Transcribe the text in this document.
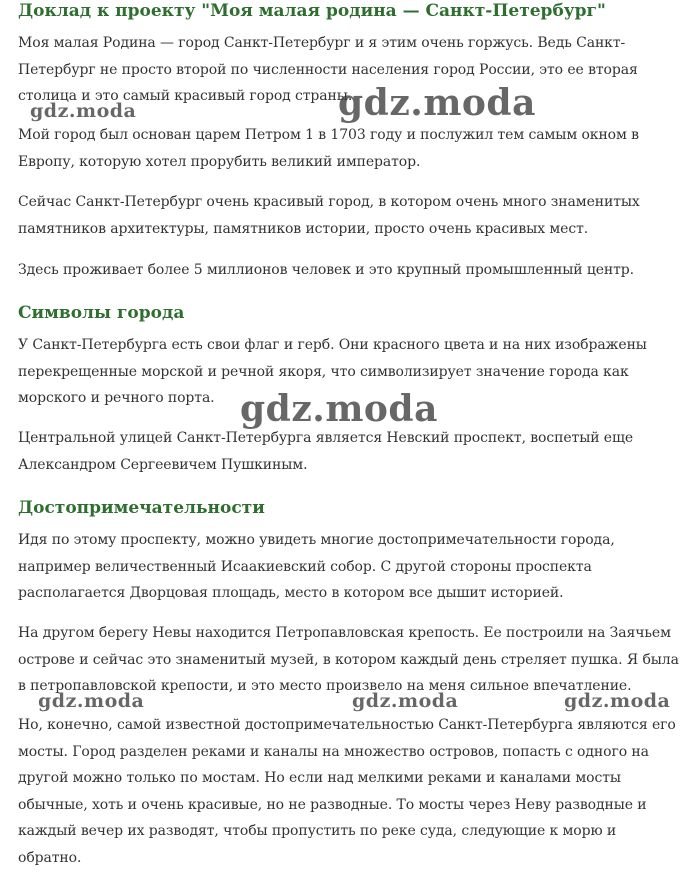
Доклад к проекту "Моя малая родина — Санкт-Петербург"

Моя малая Родина — город Санкт-Петербург и я этим очень горжусь. Ведь Санкт-Петербург не просто второй по численности населения город России, это ее вторая столица и это самый красивый город страны.

Мой город был основан царем Петром 1 в 1703 году и послужил тем самым окном в Европу, которую хотел прорубить великий император.

Сейчас Санкт-Петербург очень красивый город, в котором очень много знаменитых памятников архитектуры, памятников истории, просто очень красивых мест.

Здесь проживает более 5 миллионов человек и это крупный промышленный центр.

Символы города

У Санкт-Петербурга есть свои флаг и герб. Они красного цвета и на них изображены перекрещенные морской и речной якоря, что символизирует значение города как морского и речного порта.

Центральной улицей Санкт-Петербурга является Невский проспект, воспетый еще Александром Сергеевичем Пушкиным.

Достопримечательности

Идя по этому проспекту, можно увидеть многие достопримечательности города, например величественный Исаакиевский собор. С другой стороны проспекта располагается Дворцовая площадь, место в котором все дышит историей.

На другом берегу Невы находится Петропавловская крепость. Ее построили на Заячьем острове и сейчас это знаменитый музей, в котором каждый день стреляет пушка. Я была в петропавловской крепости, и это место произвело на меня сильное впечатление.

Но, конечно, самой известной достопримечательностью Санкт-Петербурга являются его мосты. Город разделен реками и каналы на множество островов, попасть с одного на другой можно только по мостам. Но если над мелкими реками и каналами мосты обычные, хоть и очень красивые, но не разводные. То мосты через Неву разводные и каждый вечер их разводят, чтобы пропустить по реке суда, следующие к морю и обратно.

gdz.moda	gdz.moda
gdz.moda
gdz.moda	gdz.moda	gdz.moda
